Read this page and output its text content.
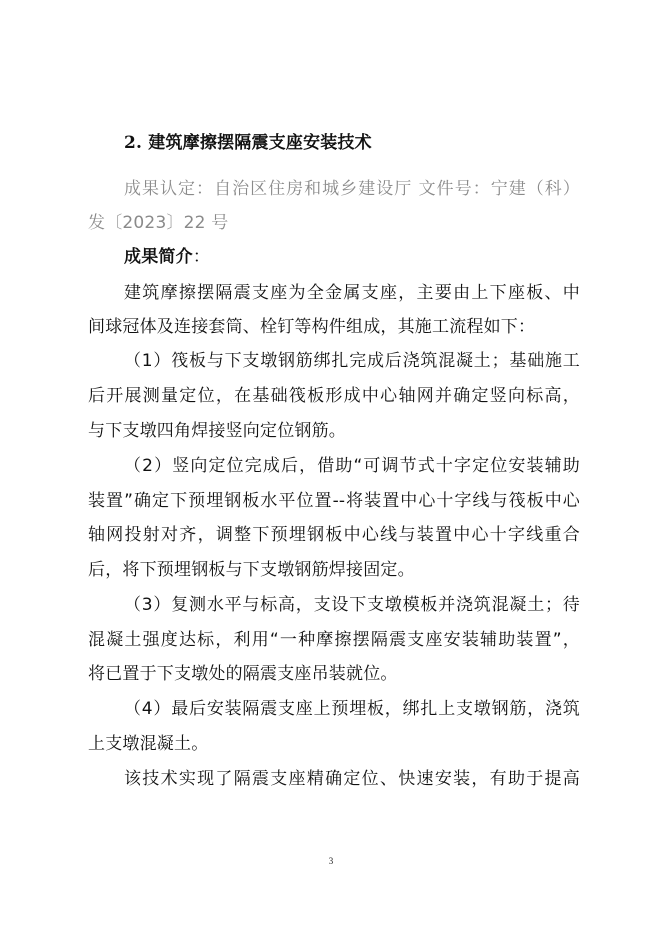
2. 建筑摩擦摆隔震支座安装技术
成果认定：自治区住房和城乡建设厅 文件号：宁建（科）
发〔2023〕22 号
成果简介：
建筑摩擦摆隔震支座为全金属支座，主要由上下座板、中
间球冠体及连接套筒、栓钉等构件组成，其施工流程如下：
（1）筏板与下支墩钢筋绑扎完成后浇筑混凝土；基础施工
后开展测量定位，在基础筏板形成中心轴网并确定竖向标高，
与下支墩四角焊接竖向定位钢筋。
（2）竖向定位完成后，借助“可调节式十字定位安装辅助
装置”确定下预埋钢板水平位置--将装置中心十字线与筏板中心
轴网投射对齐，调整下预埋钢板中心线与装置中心十字线重合
后，将下预埋钢板与下支墩钢筋焊接固定。
（3）复测水平与标高，支设下支墩模板并浇筑混凝土；待
混凝土强度达标，利用“一种摩擦摆隔震支座安装辅助装置”，
将已置于下支墩处的隔震支座吊装就位。
（4）最后安装隔震支座上预埋板，绑扎上支墩钢筋，浇筑
上支墩混凝土。
该技术实现了隔震支座精确定位、快速安装，有助于提高
3
